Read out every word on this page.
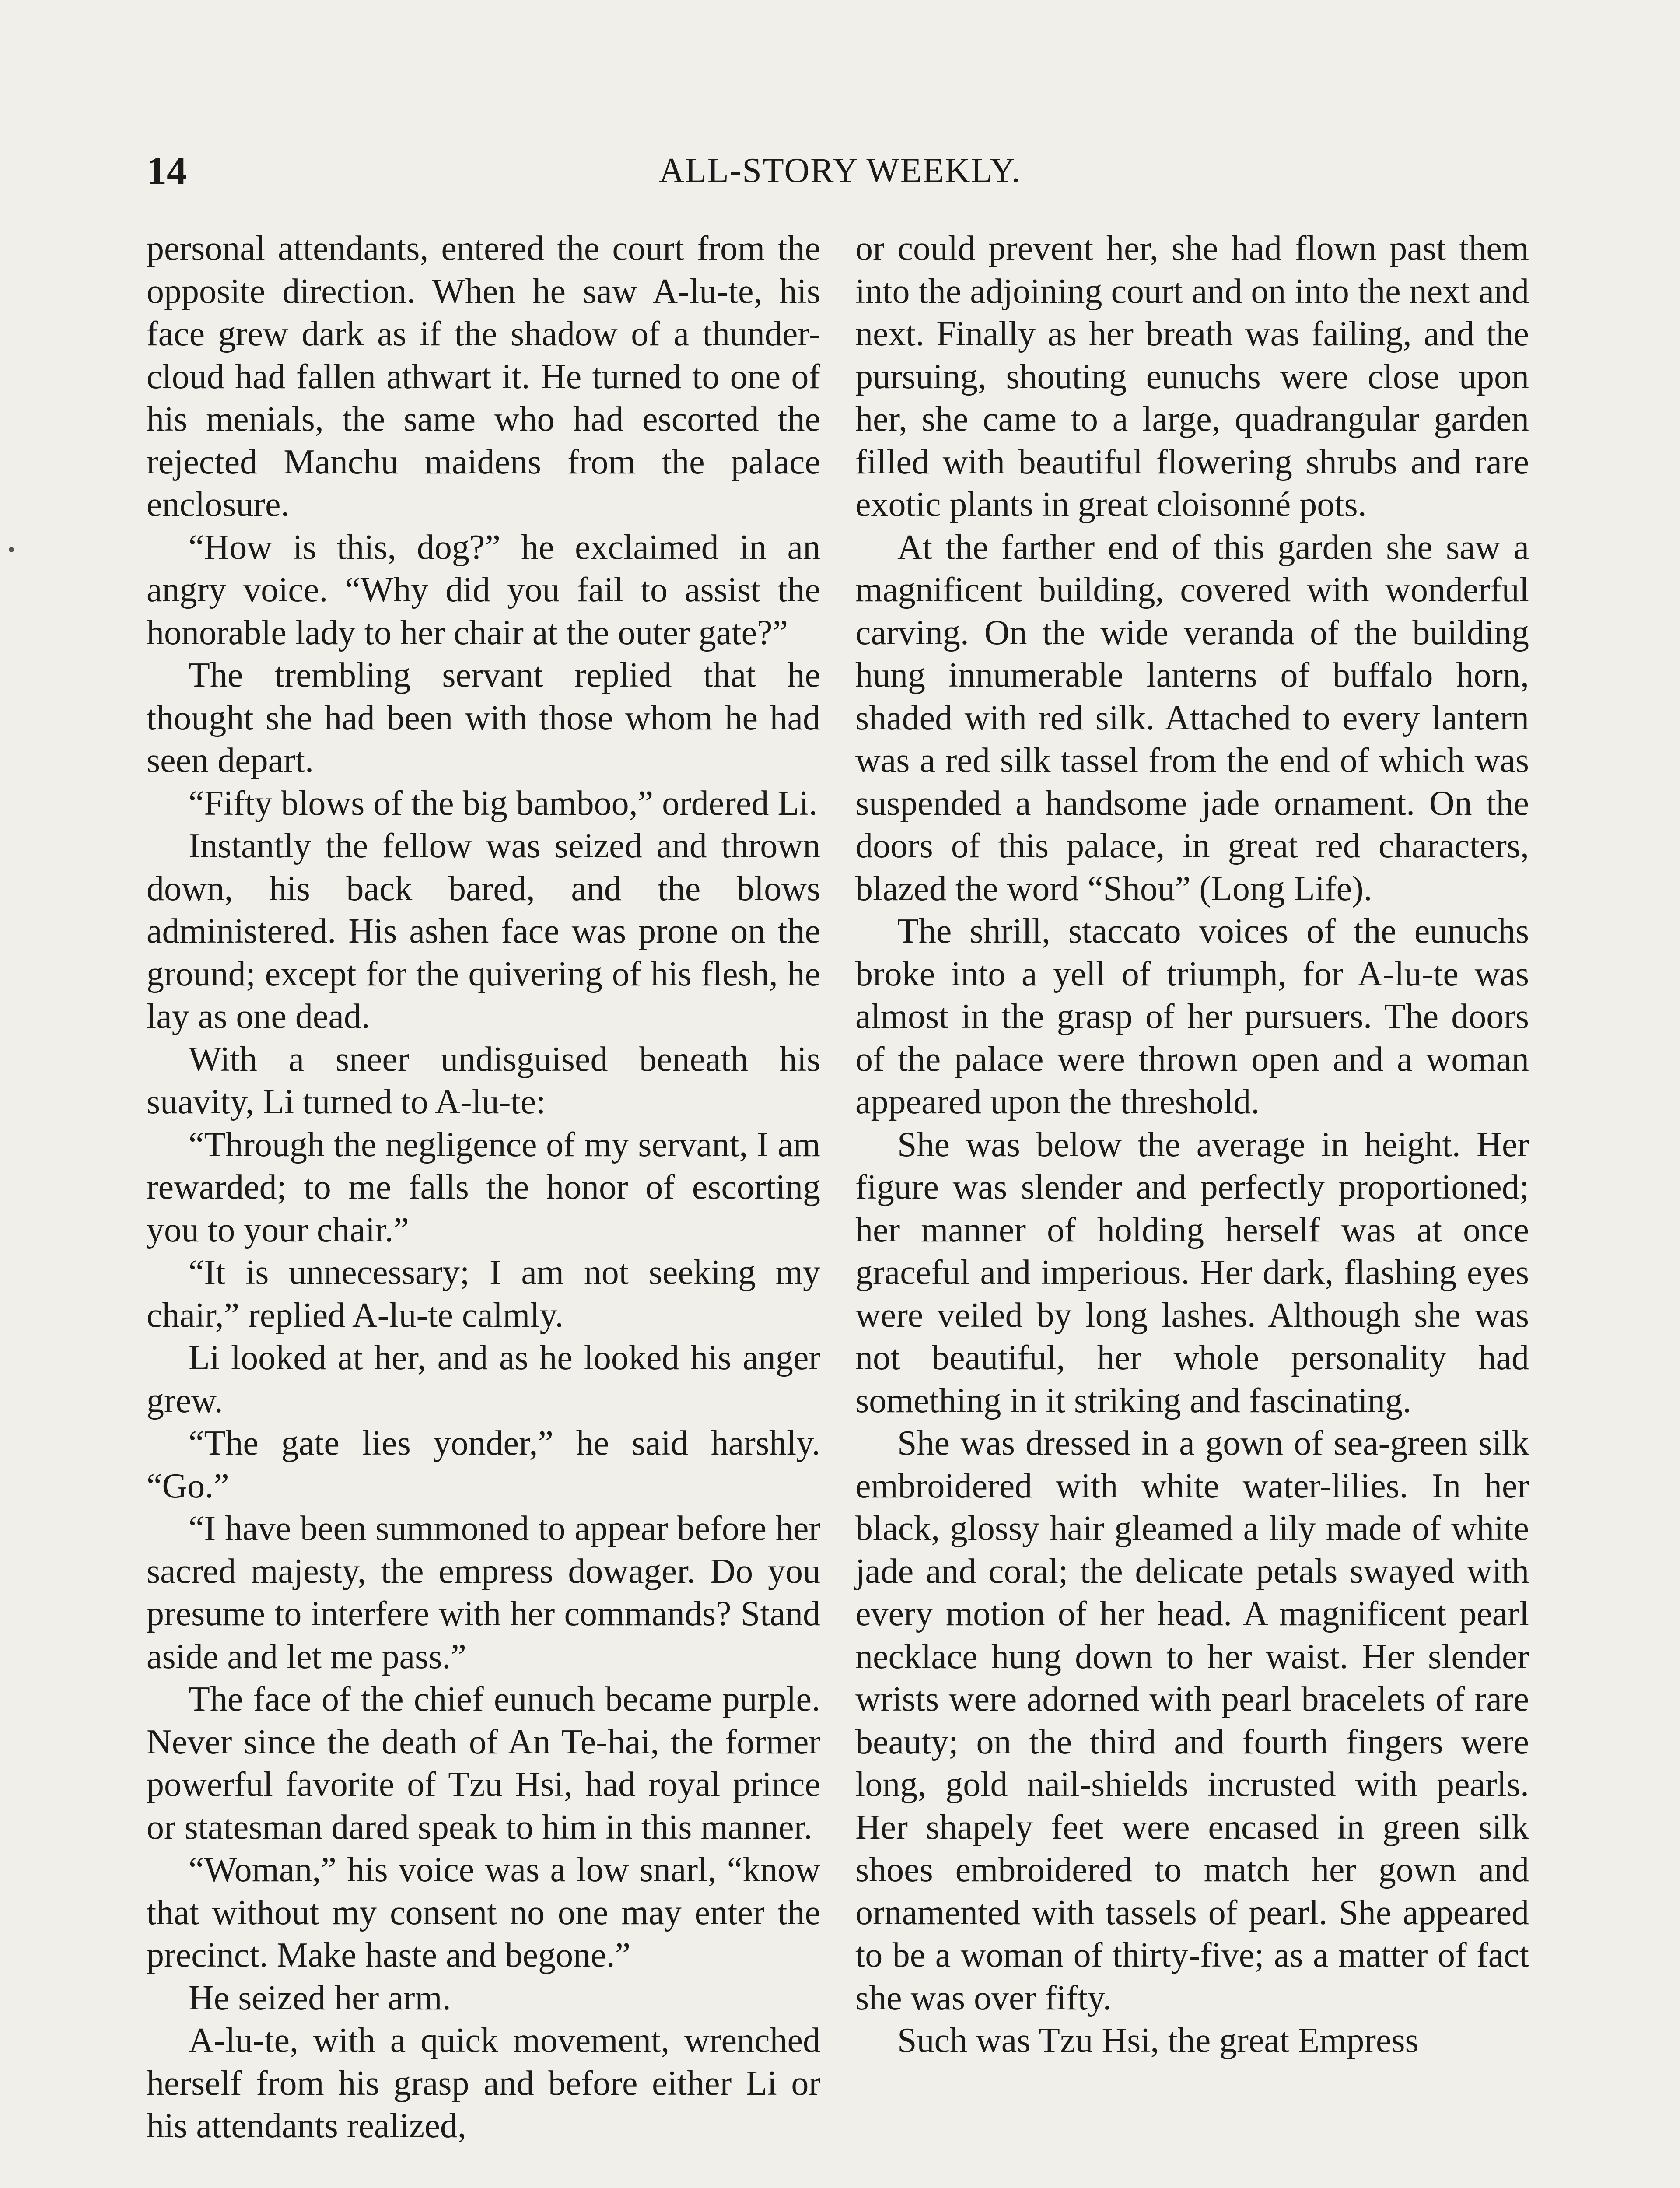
14	ALL-STORY WEEKLY.

personal attendants, entered the court from the opposite direction. When he saw A-lu-te, his face grew dark as if the shadow of a thunder-cloud had fallen athwart it. He turned to one of his menials, the same who had escorted the rejected Manchu maidens from the palace enclosure.

“How is this, dog?” he exclaimed in an angry voice. “Why did you fail to assist the honorable lady to her chair at the outer gate?”

The trembling servant replied that he thought she had been with those whom he had seen depart.

“Fifty blows of the big bamboo,” ordered Li.

Instantly the fellow was seized and thrown down, his back bared, and the blows administered. His ashen face was prone on the ground; except for the quivering of his flesh, he lay as one dead.

With a sneer undisguised beneath his suavity, Li turned to A-lu-te:

“Through the negligence of my servant, I am rewarded; to me falls the honor of escorting you to your chair.”

“It is unnecessary; I am not seeking my chair,” replied A-lu-te calmly.

Li looked at her, and as he looked his anger grew.

“The gate lies yonder,” he said harshly. “Go.”

“I have been summoned to appear before her sacred majesty, the empress dowager. Do you presume to interfere with her commands? Stand aside and let me pass.”

The face of the chief eunuch became purple. Never since the death of An Te-hai, the former powerful favorite of Tzu Hsi, had royal prince or statesman dared speak to him in this manner.

“Woman,” his voice was a low snarl, “know that without my consent no one may enter the precinct. Make haste and begone.”

He seized her arm.

A-lu-te, with a quick movement, wrenched herself from his grasp and before either Li or his attendants realized,

or could prevent her, she had flown past them into the adjoining court and on into the next and next. Finally as her breath was failing, and the pursuing, shouting eunuchs were close upon her, she came to a large, quadrangular garden filled with beautiful flowering shrubs and rare exotic plants in great cloisonné pots.

At the farther end of this garden she saw a magnificent building, covered with wonderful carving. On the wide veranda of the building hung innumerable lanterns of buffalo horn, shaded with red silk. Attached to every lantern was a red silk tassel from the end of which was suspended a handsome jade ornament. On the doors of this palace, in great red characters, blazed the word “Shou” (Long Life).

The shrill, staccato voices of the eunuchs broke into a yell of triumph, for A-lu-te was almost in the grasp of her pursuers. The doors of the palace were thrown open and a woman appeared upon the threshold.

She was below the average in height. Her figure was slender and perfectly proportioned; her manner of holding herself was at once graceful and imperious. Her dark, flashing eyes were veiled by long lashes. Although she was not beautiful, her whole personality had something in it striking and fascinating.

She was dressed in a gown of sea-green silk embroidered with white water-lilies. In her black, glossy hair gleamed a lily made of white jade and coral; the delicate petals swayed with every motion of her head. A magnificent pearl necklace hung down to her waist. Her slender wrists were adorned with pearl bracelets of rare beauty; on the third and fourth fingers were long, gold nail-shields incrusted with pearls. Her shapely feet were encased in green silk shoes embroidered to match her gown and ornamented with tassels of pearl. She appeared to be a woman of thirty-five; as a matter of fact she was over fifty.

Such was Tzu Hsi, the great Empress
